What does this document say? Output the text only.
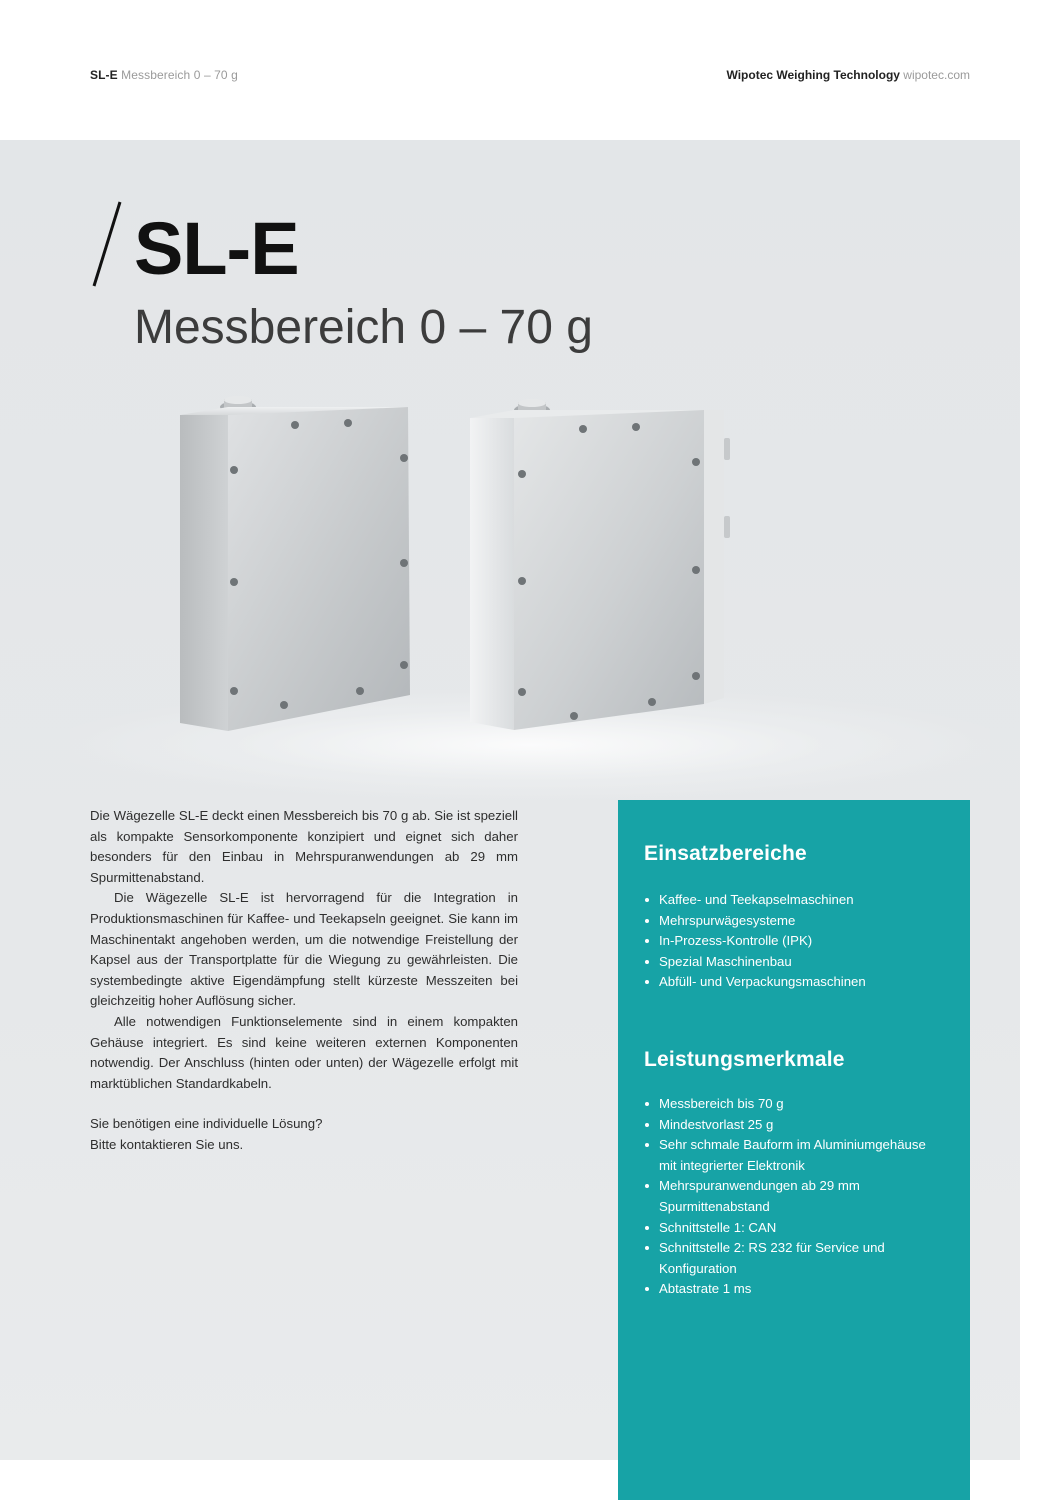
SL-E Messbereich 0 – 70 g	Wipotec Weighing Technology wipotec.com
SL-E
Messbereich 0 – 70 g

Die Wägezelle SL-E deckt einen Messbereich bis 70 g ab. Sie ist speziell als kompakte Sensorkomponente konzipiert und eignet sich daher besonders für den Einbau in Mehrspuranwendungen ab 29 mm Spurmittenabstand.

Die Wägezelle SL-E ist hervorragend für die Integration in Produktionsmaschinen für Kaffee- und Teekapseln geeignet. Sie kann im Maschinentakt angehoben werden, um die notwendige Freistellung der Kapsel aus der Transportplatte für die Wiegung zu gewährleisten. Die systembedingte aktive Eigendämpfung stellt kürzeste Messzeiten bei gleichzeitig hoher Auflösung sicher.

Alle notwendigen Funktionselemente sind in einem kompakten Gehäuse integriert. Es sind keine weiteren externen Komponenten notwendig. Der Anschluss (hinten oder unten) der Wägezelle erfolgt mit marktüblichen Standardkabeln.

Sie benötigen eine individuelle Lösung?
Bitte kontaktieren Sie uns.

Einsatzbereiche
Kaffee- und Teekapselmaschinen
Mehrspurwägesysteme
In-Prozess-Kontrolle (IPK)
Spezial Maschinenbau
Abfüll- und Verpackungsmaschinen
Leistungsmerkmale
Messbereich bis 70 g
Mindestvorlast 25 g
Sehr schmale Bauform im Aluminiumgehäuse mit integrierter Elektronik
Mehrspuranwendungen ab 29 mm Spurmittenabstand
Schnittstelle 1: CAN
Schnittstelle 2: RS 232 für Service und Konfiguration
Abtastrate 1 ms
